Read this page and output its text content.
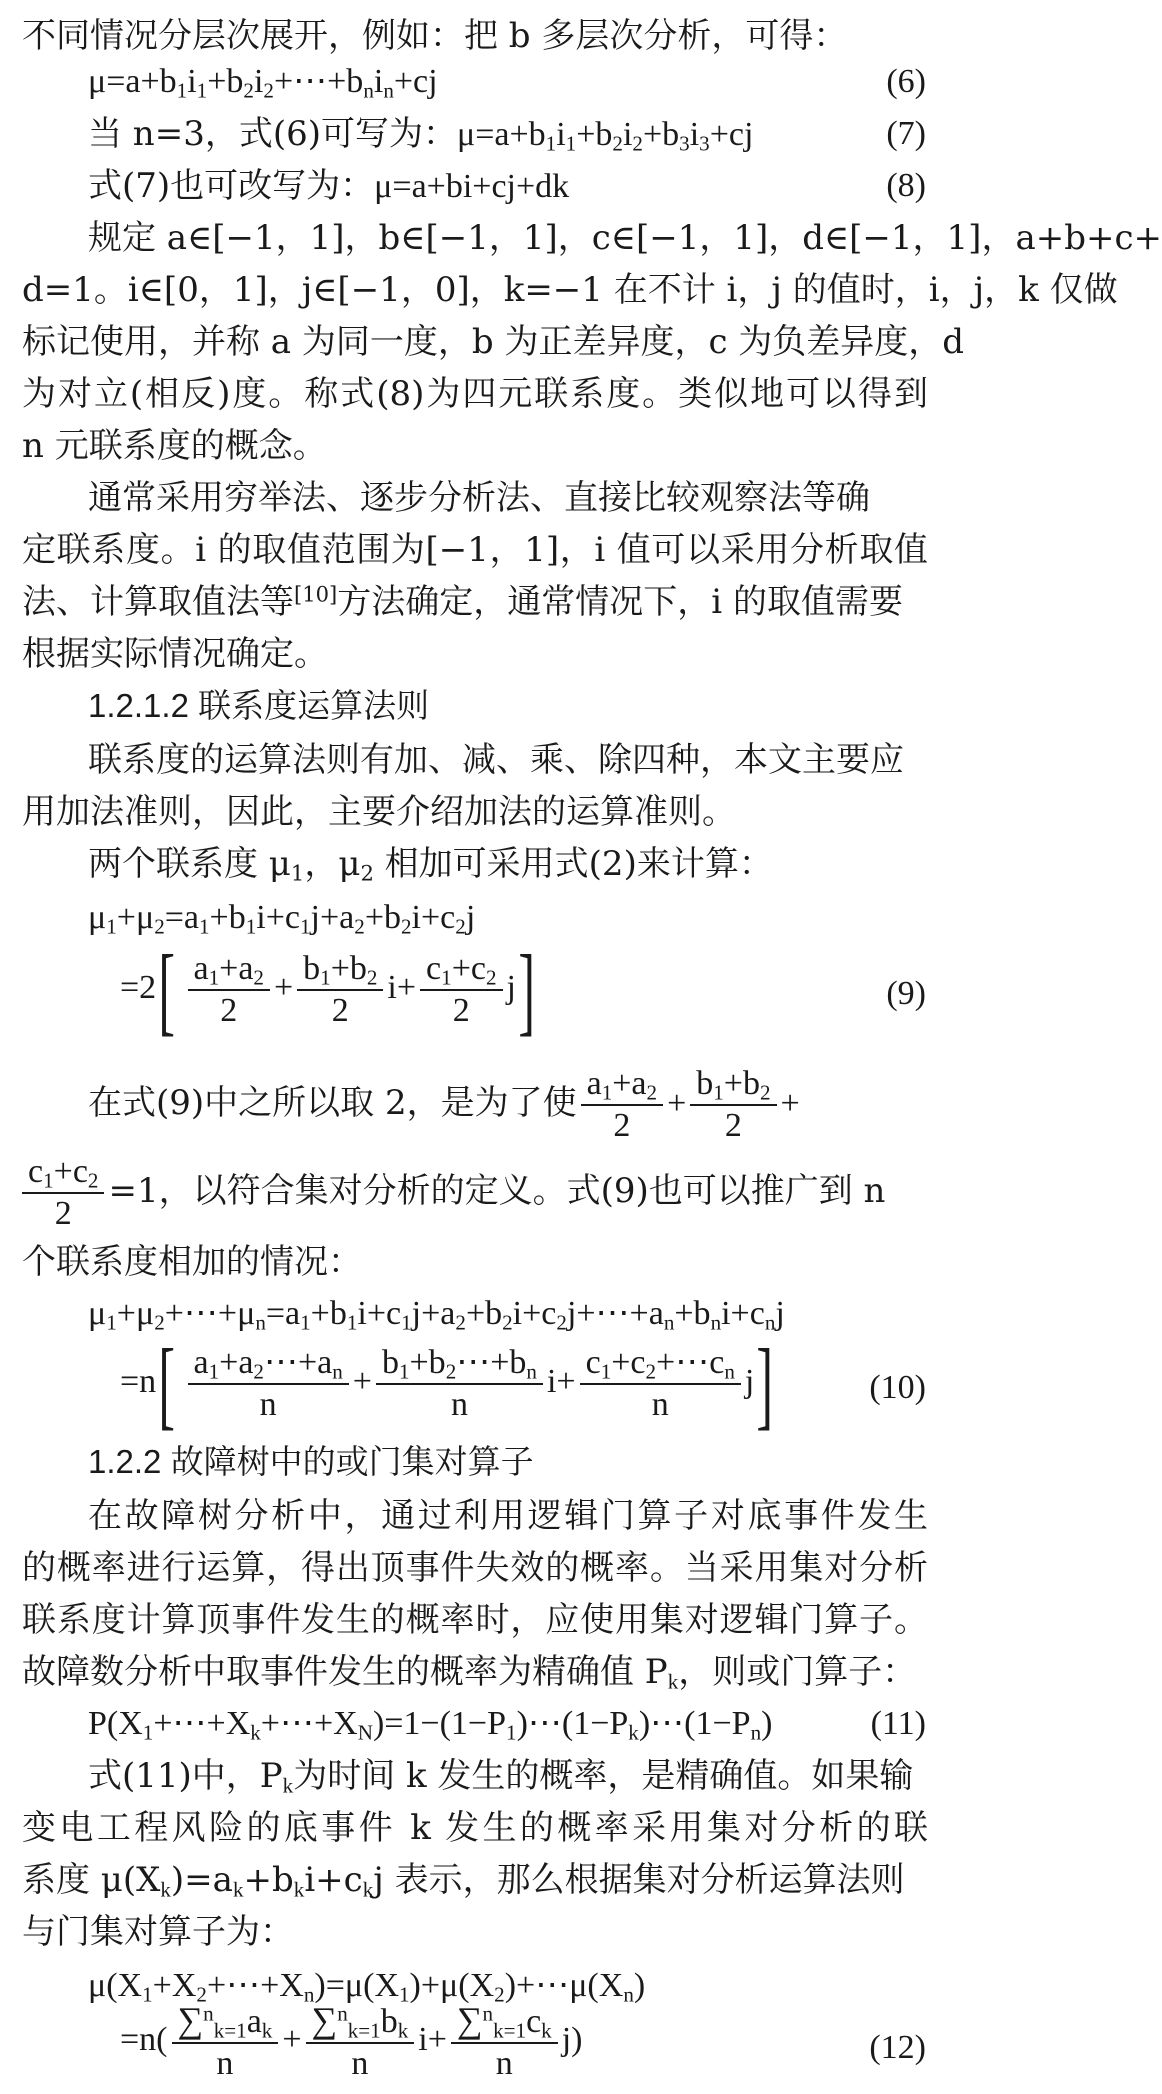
不同情况分层次展开，例如：把 b 多层次分析，可得：
$\mu=a+b_1i_1+b_2i_2+\cdots+b_ni_n+cj$	(6)
当 n=3，式(6)可写为：$\mu=a+b_1i_1+b_2i_2+b_3i_3+cj$	(7)
式(7)也可改写为：μ=a+bi+cj+dk	(8)
规定 a∈[−1，1]，b∈[−1，1]，c∈[−1，1]，d∈[−1，1]，a+b+c+
d=1。i∈[0，1]，j∈[−1，0]，k=−1 在不计 i，j 的值时，i，j，k 仅做
标记使用，并称 a 为同一度，b 为正差异度，c 为负差异度，d
为对立(相反)度。称式(8)为四元联系度。类似地可以得到
n 元联系度的概念。
通常采用穷举法、逐步分析法、直接比较观察法等确
定联系度。i 的取值范围为[−1，1]，i 值可以采用分析取值
法、计算取值法等[10]方法确定，通常情况下，i 的取值需要
根据实际情况确定。
1.2.1.2 联系度运算法则
联系度的运算法则有加、减、乘、除四种，本文主要应
用加法准则，因此，主要介绍加法的运算准则。
两个联系度 $\mu_1$，$\mu_2$ 相加可采用式(2)来计算：
$\mu_1+\mu_2=a_1+b_1i+c_1j+a_2+b_2i+c_2j$
$=2[ \frac{a_1+a_2}{2} + \frac{b_1+b_2}{2} i+ \frac{c_1+c_2}{2} j]$	(9)
在式(9)中之所以取 2，是为了使 $\frac{a_1+a_2}{2} + \frac{b_1+b_2}{2}$ +
$\frac{c_1+c_2}{2} =1$，以符合集对分析的定义。式(9)也可以推广到 n
个联系度相加的情况：
$\mu_1+\mu_2+\cdots+\mu_n=a_1+b_1i+c_1j+a_2+b_2i+c_2j+\cdots+a_n+b_ni+c_nj$
$=n[ \frac{a_1+a_2\cdots+a_n}{n} + \frac{b_1+b_2\cdots+b_n}{n} i+ \frac{c_1+c_2+\cdots c_n}{n} j]$	(10)
1.2.2 故障树中的或门集对算子
在故障树分析中，通过利用逻辑门算子对底事件发生
的概率进行运算，得出顶事件失效的概率。当采用集对分析
联系度计算顶事件发生的概率时，应使用集对逻辑门算子。
故障数分析中取事件发生的概率为精确值 $P_k$，则或门算子：
$P(X_1+\cdots+X_k+\cdots+X_N)=1-(1-P_1)\cdots(1-P_k)\cdots(1-P_n)$	(11)
式(11)中，$P_k$为时间 k 发生的概率，是精确值。如果输
变电工程风险的底事件 k 发生的概率采用集对分析的联
系度 $\mu(X_k)=a_k+b_ki+c_kj$ 表示，那么根据集对分析运算法则
与门集对算子为：
$\mu(X_1+X_2+\cdots+X_n)=\mu(X_1)+\mu(X_2)+\cdots\mu(X_n)$
$=n( \frac{\sum^n_{k=1}a_k}{n} + \frac{\sum^n_{k=1}b_k}{n} i+ \frac{\sum^n_{k=1}c_k}{n} j)$	(12)
